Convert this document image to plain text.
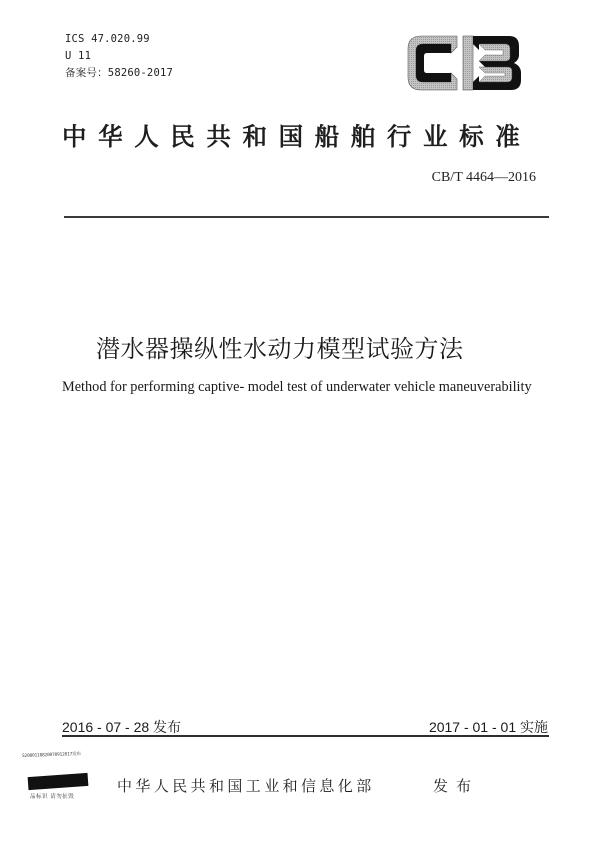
ICS 47.020.99
U 11
备案号：58260-2017
中华人民共和国船舶行业标准
CB/T 4464—2016
潜水器操纵性水动力模型试验方法
Method for performing captive- model test of underwater vehicle maneuverability
2016 - 07 - 28 发布	2017 - 01 - 01 实施
S2080118820070912017发布
品标识 请勿扯毁
中华人民共和国工业和信息化部	发布
